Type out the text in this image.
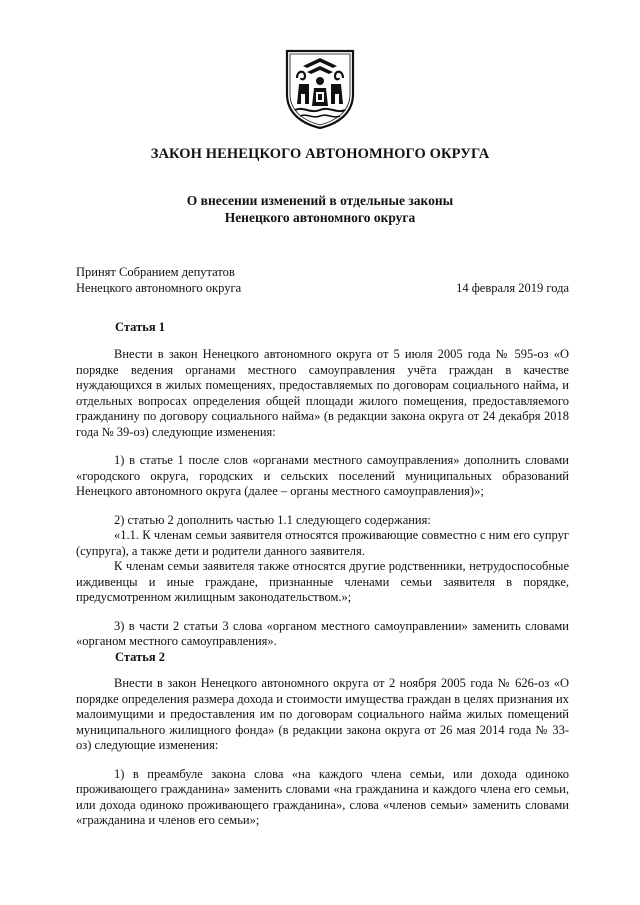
ЗАКОН НЕНЕЦКОГО АВТОНОМНОГО ОКРУГА
О внесении изменений в отдельные законы
Ненецкого автономного округа
Принят Собранием депутатов
Ненецкого автономного округа	14 февраля 2019 года
Статья 1

Внести в закон Ненецкого автономного округа от 5 июля 2005 года № 595-оз «О порядке ведения органами местного самоуправления учёта граждан в качестве нуждающихся в жилых помещениях, предоставляемых по договорам социального найма, и отдельных вопросах определения общей площади жилого помещения, предоставляемого гражданину по договору социального найма» (в редакции закона округа от 24 декабря 2018 года № 39-оз) следующие изменения:

1) в статье 1 после слов «органами местного самоуправления» дополнить словами «городского округа, городских и сельских поселений муниципальных образований Ненецкого автономного округа (далее – органы местного самоуправления)»;

2) статью 2 дополнить частью 1.1 следующего содержания:

«1.1. К членам семьи заявителя относятся проживающие совместно с ним его супруг (супруга), а также дети и родители данного заявителя.

К членам семьи заявителя также относятся другие родственники, нетрудоспособные иждивенцы и иные граждане, признанные членами семьи заявителя в порядке, предусмотренном жилищным законодательством.»;

3) в части 2 статьи 3 слова «органом местного самоуправлении» заменить словами «органом местного самоуправления».

Статья 2

Внести в закон Ненецкого автономного округа от 2 ноября 2005 года № 626-оз «О порядке определения размера дохода и стоимости имущества граждан в целях признания их малоимущими и предоставления им по договорам социального найма жилых помещений муниципального жилищного фонда» (в редакции закона округа от 26 мая 2014 года № 33-оз) следующие изменения:

1) в преамбуле закона слова «на каждого члена семьи, или дохода одиноко проживающего гражданина» заменить словами «на гражданина и каждого члена его семьи, или дохода одиноко проживающего гражданина», слова «членов семьи» заменить словами «гражданина и членов его семьи»;
